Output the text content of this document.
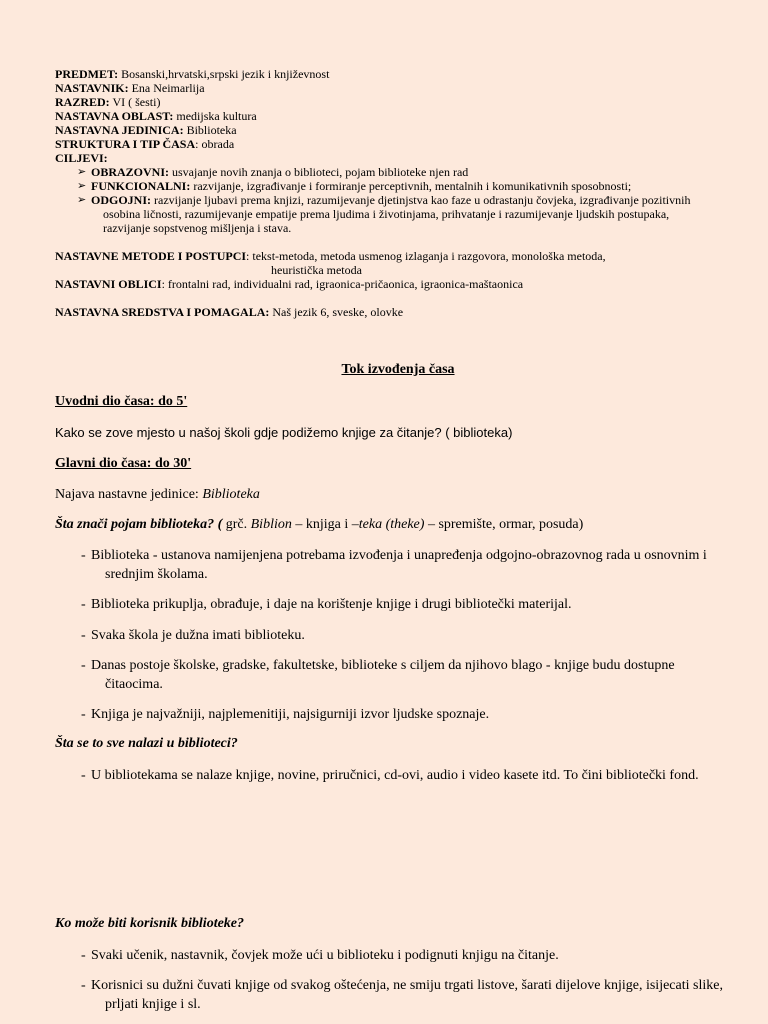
PREDMET: Bosanski,hrvatski,srpski jezik i književnost
NASTAVNIK: Ena Neimarlija
RAZRED: VI ( šesti)
NASTAVNA OBLAST: medijska kultura
NASTAVNA JEDINICA: Biblioteka
STRUKTURA I TIP ČASA: obrada
CILJEVI:
➢ OBRAZOVNI: usvajanje novih znanja o biblioteci, pojam biblioteke njen rad
➢ FUNKCIONALNI: razvijanje, izgrađivanje i formiranje perceptivnih, mentalnih i komunikativnih sposobnosti;
➢ ODGOJNI: razvijanje ljubavi prema knjizi, razumijevanje djetinjstva kao faze u odrastanju čovjeka, izgrađivanje pozitivnih
osobina ličnosti, razumijevanje empatije prema ljudima i životinjama, prihvatanje i razumijevanje ljudskih postupaka,
razvijanje sopstvenog mišljenja i stava.
NASTAVNE METODE I POSTUPCI: tekst-metoda, metoda usmenog izlaganja i razgovora, monološka metoda,
heuristička metoda
NASTAVNI OBLICI: frontalni rad, individualni rad, igraonica-pričaonica, igraonica-maštaonica
NASTAVNA SREDSTVA I POMAGALA: Naš jezik 6, sveske, olovke
Tok izvođenja časa
Uvodni dio časa: do 5'
Kako se zove mjesto u našoj školi gdje podižemo knjige za čitanje? ( biblioteka)
Glavni dio časa: do 30'
Najava nastavne jedinice: Biblioteka
Šta znači pojam biblioteka? ( grč. Biblion – knjiga i –teka (theke) – spremište, ormar, posuda)
- Biblioteka - ustanova namijenjena potrebama izvođenja i unapređenja odgojno-obrazovnog rada u osnovnim i
srednjim školama.
- Biblioteka prikuplja, obrađuje, i daje na korištenje knjige i drugi bibliotečki materijal.
- Svaka škola je dužna imati biblioteku.
- Danas postoje školske, gradske, fakultetske, biblioteke s ciljem da njihovo blago - knjige budu dostupne
čitaocima.
- Knjiga je najvažniji, najplemenitiji, najsigurniji izvor ljudske spoznaje.
Šta se to sve nalazi u biblioteci?
- U bibliotekama se nalaze knjige, novine, priručnici, cd-ovi, audio i video kasete itd. To čini bibliotečki fond.
Ko može biti korisnik biblioteke?
- Svaki učenik, nastavnik, čovjek može ući u biblioteku i podignuti knjigu na čitanje.
- Korisnici su dužni čuvati knjige od svakog oštećenja, ne smiju trgati listove, šarati dijelove knjige, isijecati slike,
prljati knjige i sl.
